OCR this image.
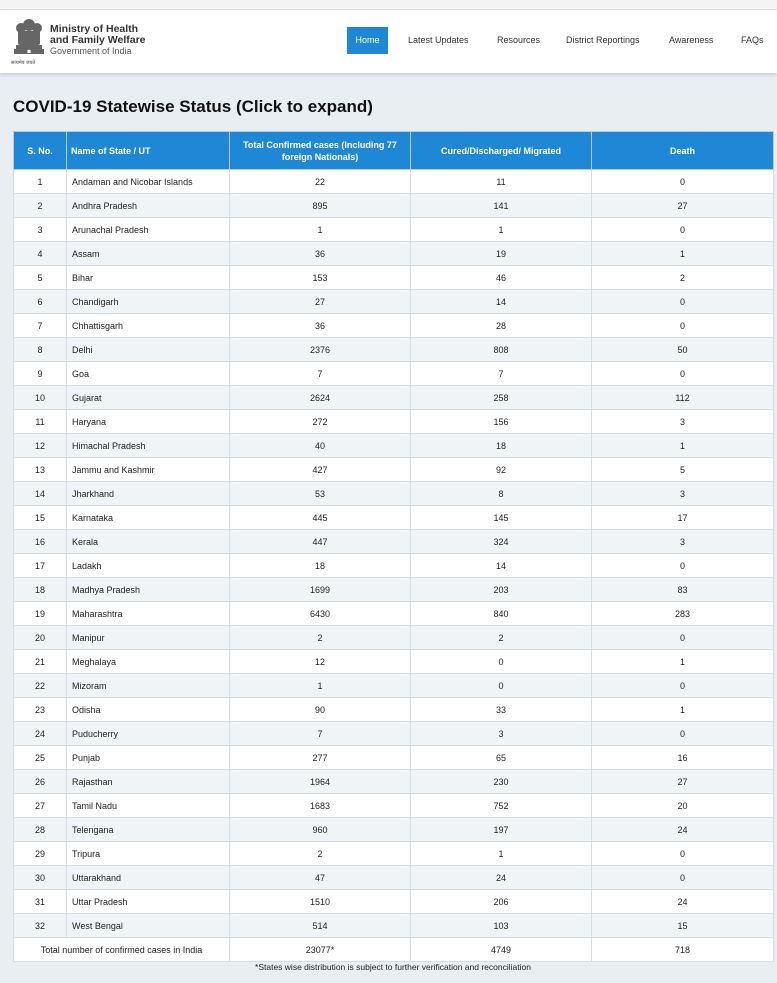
सत्यमेव जयते
Ministry of Health
and Family Welfare
Government of India
Home	Latest Updates	Resources	District Reportings	Awareness	FAQs
COVID-19 Statewise Status (Click to expand)
S. No.	Name of State / UT	Total Confirmed cases (Including 77 foreign Nationals)	Cured/Discharged/ Migrated	Death
1	Andaman and Nicobar Islands	22	11	0
2	Andhra Pradesh	895	141	27
3	Arunachal Pradesh	1	1	0
4	Assam	36	19	1
5	Bihar	153	46	2
6	Chandigarh	27	14	0
7	Chhattisgarh	36	28	0
8	Delhi	2376	808	50
9	Goa	7	7	0
10	Gujarat	2624	258	112
11	Haryana	272	156	3
12	Himachal Pradesh	40	18	1
13	Jammu and Kashmir	427	92	5
14	Jharkhand	53	8	3
15	Karnataka	445	145	17
16	Kerala	447	324	3
17	Ladakh	18	14	0
18	Madhya Pradesh	1699	203	83
19	Maharashtra	6430	840	283
20	Manipur	2	2	0
21	Meghalaya	12	0	1
22	Mizoram	1	0	0
23	Odisha	90	33	1
24	Puducherry	7	3	0
25	Punjab	277	65	16
26	Rajasthan	1964	230	27
27	Tamil Nadu	1683	752	20
28	Telengana	960	197	24
29	Tripura	2	1	0
30	Uttarakhand	47	24	0
31	Uttar Pradesh	1510	206	24
32	West Bengal	514	103	15
Total number of confirmed cases in India		23077*	4749	718
*States wise distribution is subject to further verification and reconciliation
